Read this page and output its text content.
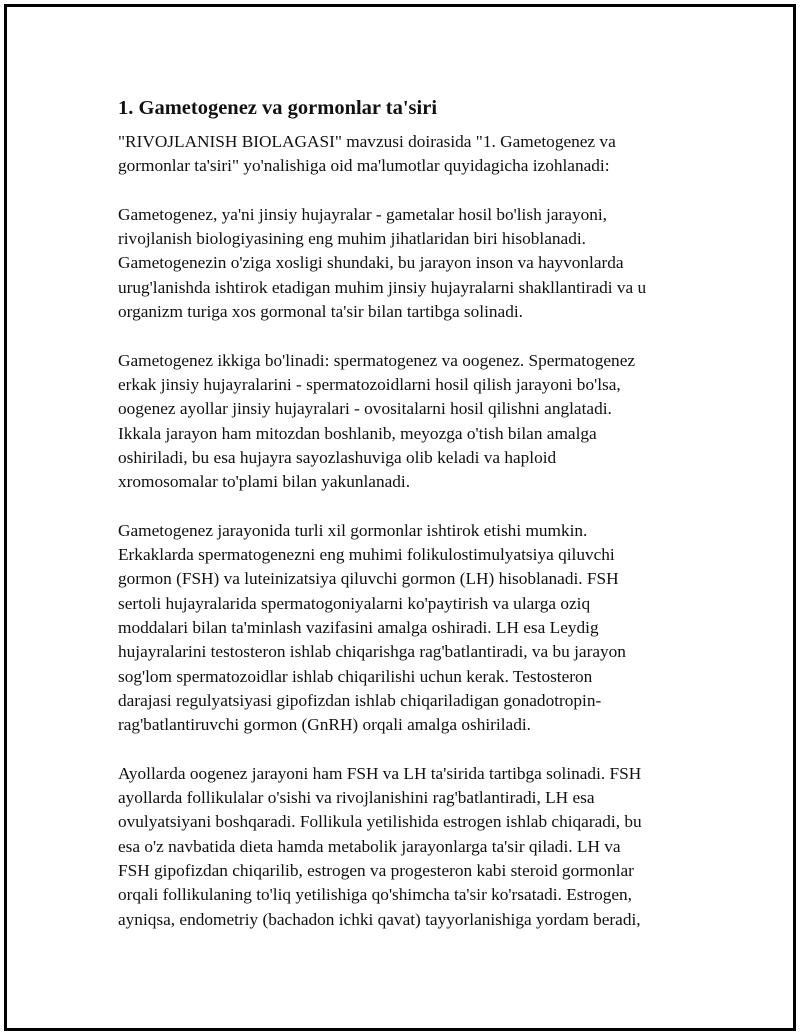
1. Gametogenez va gormonlar ta'siri

"RIVOJLANISH BIOLAGASI" mavzusi doirasida "1. Gametogenez va
gormonlar ta'siri" yo'nalishiga oid ma'lumotlar quyidagicha izohlanadi:

Gametogenez, ya'ni jinsiy hujayralar - gametalar hosil bo'lish jarayoni,
rivojlanish biologiyasining eng muhim jihatlaridan biri hisoblanadi.
Gametogenezin o'ziga xosligi shundaki, bu jarayon inson va hayvonlarda
urug'lanishda ishtirok etadigan muhim jinsiy hujayralarni shakllantiradi va u
organizm turiga xos gormonal ta'sir bilan tartibga solinadi.

Gametogenez ikkiga bo'linadi: spermatogenez va oogenez. Spermatogenez
erkak jinsiy hujayralarini - spermatozoidlarni hosil qilish jarayoni bo'lsa,
oogenez ayollar jinsiy hujayralari - ovositalarni hosil qilishni anglatadi.
Ikkala jarayon ham mitozdan boshlanib, meyozga o'tish bilan amalga
oshiriladi, bu esa hujayra sayozlashuviga olib keladi va haploid
xromosomalar to'plami bilan yakunlanadi.

Gametogenez jarayonida turli xil gormonlar ishtirok etishi mumkin.
Erkaklarda spermatogenezni eng muhimi folikulostimulyatsiya qiluvchi
gormon (FSH) va luteinizatsiya qiluvchi gormon (LH) hisoblanadi. FSH
sertoli hujayralarida spermatogoniyalarni ko'paytirish va ularga oziq
moddalari bilan ta'minlash vazifasini amalga oshiradi. LH esa Leydig
hujayralarini testosteron ishlab chiqarishga rag'batlantiradi, va bu jarayon
sog'lom spermatozoidlar ishlab chiqarilishi uchun kerak. Testosteron
darajasi regulyatsiyasi gipofizdan ishlab chiqariladigan gonadotropin-
rag'batlantiruvchi gormon (GnRH) orqali amalga oshiriladi.

Ayollarda oogenez jarayoni ham FSH va LH ta'sirida tartibga solinadi. FSH
ayollarda follikulalar o'sishi va rivojlanishini rag'batlantiradi, LH esa
ovulyatsiyani boshqaradi. Follikula yetilishida estrogen ishlab chiqaradi, bu
esa o'z navbatida dieta hamda metabolik jarayonlarga ta'sir qiladi. LH va
FSH gipofizdan chiqarilib, estrogen va progesteron kabi steroid gormonlar
orqali follikulaning to'liq yetilishiga qo'shimcha ta'sir ko'rsatadi. Estrogen,
ayniqsa, endometriy (bachadon ichki qavat) tayyorlanishiga yordam beradi,
